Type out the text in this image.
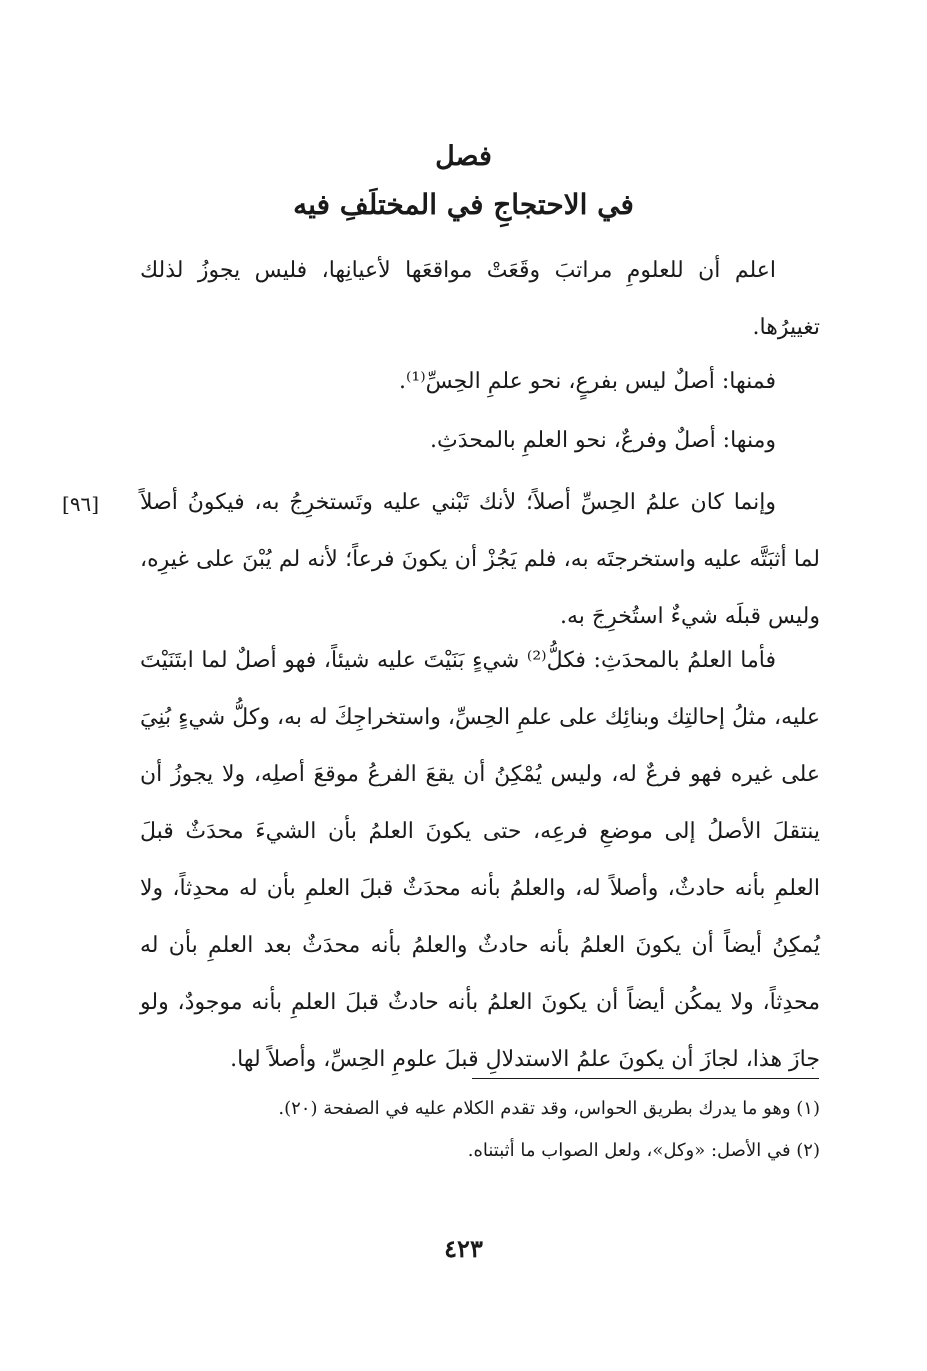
فصل
في الاحتجاجِ في المختلَفِ فيه

اعلم أن للعلومِ مراتبَ وقَعَتْ مواقعَها لأعيانِها، فليس يجوزُ لذلك تغييرُها.

فمنها: أصلٌ ليس بفرعٍ، نحو علمِ الحِسِّ⁽¹⁾.

ومنها: أصلٌ وفرعٌ، نحو العلمِ بالمحدَثِ.

وإنما كان علمُ الحِسِّ أصلاً؛ لأنك تَبْني عليه وتَستخرِجُ به، فيكونُ أصلاً لما أثبَتَّه عليه واستخرجتَه به، فلم يَجُزْ أن يكونَ فرعاً؛ لأنه لم يُبْنَ على غيرِه، وليس قبلَه شيءٌ استُخرِجَ به.

فأما العلمُ بالمحدَثِ: فكلُّ⁽²⁾ شيءٍ بَنَيْتَ عليه شيئاً، فهو أصلٌ لما ابتَنَيْتَ عليه، مثلُ إحالتِك وبنائِك على علمِ الحِسِّ، واستخراجِكَ له به، وكلُّ شيءٍ بُنِيَ على غيره فهو فرعٌ له، وليس يُمْكِنُ أن يقعَ الفرعُ موقعَ أصلِه، ولا يجوزُ أن ينتقلَ الأصلُ إلى موضعِ فرعِه، حتى يكونَ العلمُ بأن الشيءَ محدَثٌ قبلَ العلمِ بأنه حادثٌ، وأصلاً له، والعلمُ بأنه محدَثٌ قبلَ العلمِ بأن له محدِثاً، ولا يُمكِنُ أيضاً أن يكونَ العلمُ بأنه حادثٌ والعلمُ بأنه محدَثٌ بعد العلمِ بأن له محدِثاً، ولا يمكُن أيضاً أن يكونَ العلمُ بأنه حادثٌ قبلَ العلمِ بأنه موجودٌ، ولو جازَ هذا، لجازَ أن يكونَ علمُ الاستدلالِ قبلَ علومِ الحِسِّ، وأصلاً لها.

[٩٦]

(١) وهو ما يدرك بطريق الحواس، وقد تقدم الكلام عليه في الصفحة (٢٠).

(٢) في الأصل: «وكل»، ولعل الصواب ما أثبتناه.

٤٢٣
